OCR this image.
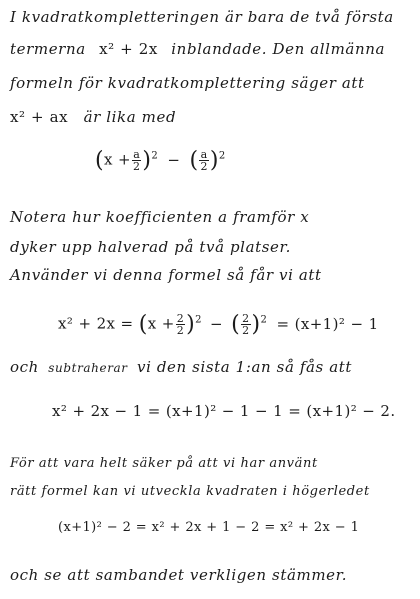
I kvadratkompletteringen är bara de två första
termerna x² + 2x inblandade. Den allmänna
formeln för kvadratkomplettering säger att
x² + ax är lika med
$(x + \frac{a}{2} )^2$ − ( $\frac{a}{2} )^2$
Notera hur koefficienten a framför x
dyker upp halverad på två platser.
Använder vi denna formel så får vi att
$x^2 + 2x = (x + \frac{2}{2} )^2$ − ( $\frac{2}{2} )^2 = (x+1)^2 - 1$
och subtraherar vi den sista 1:an så fås att
x² + 2x − 1 = (x+1)² − 1 − 1 = (x+1)² − 2.
För att vara helt säker på att vi har använt
rätt formel kan vi utveckla kvadraten i högerledet
(x+1)² − 2 = x² + 2x + 1 − 2 = x² + 2x − 1
och se att sambandet verkligen stämmer.
